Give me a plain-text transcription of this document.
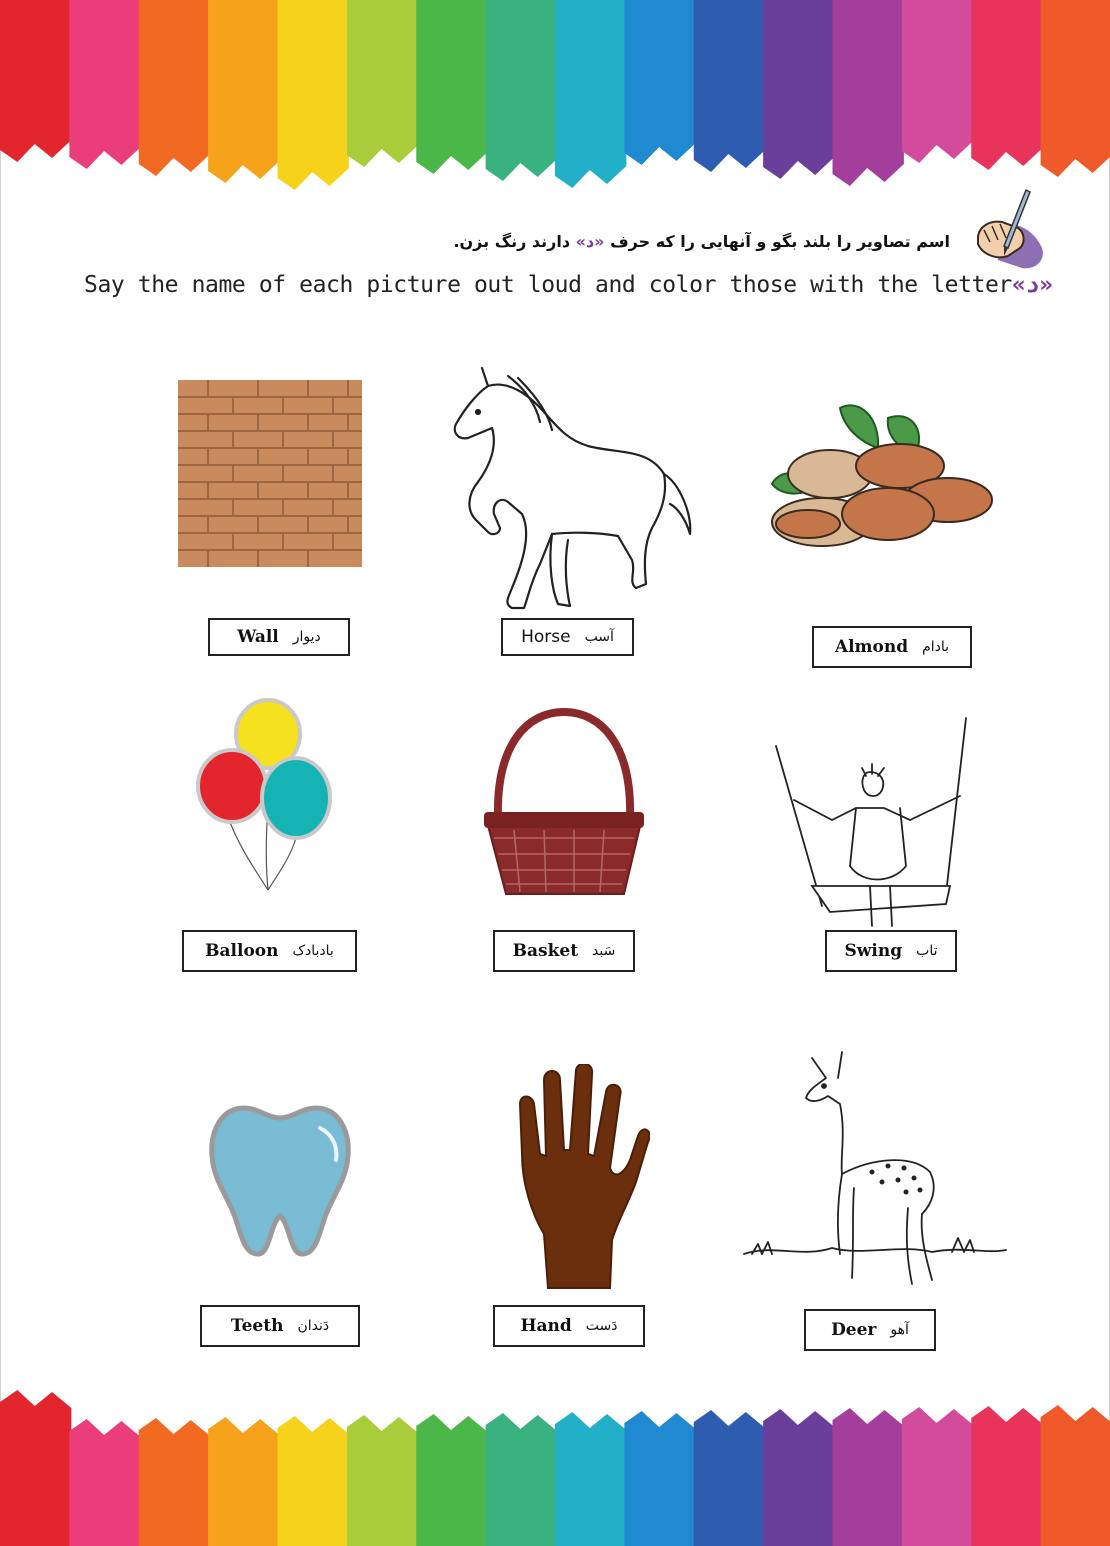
اسم تصاویر را بلند بگو و آنهایی را که حرف «د» دارند رنگ بزن.
Say the name of each picture out loud and color those with the letter«د»
Wall دیوار	Horse آسب	Almond بادام
Balloon بادبادک	Basket سَبد	Swing تاب
Teeth دَندان	Hand دَست	Deer آهو
